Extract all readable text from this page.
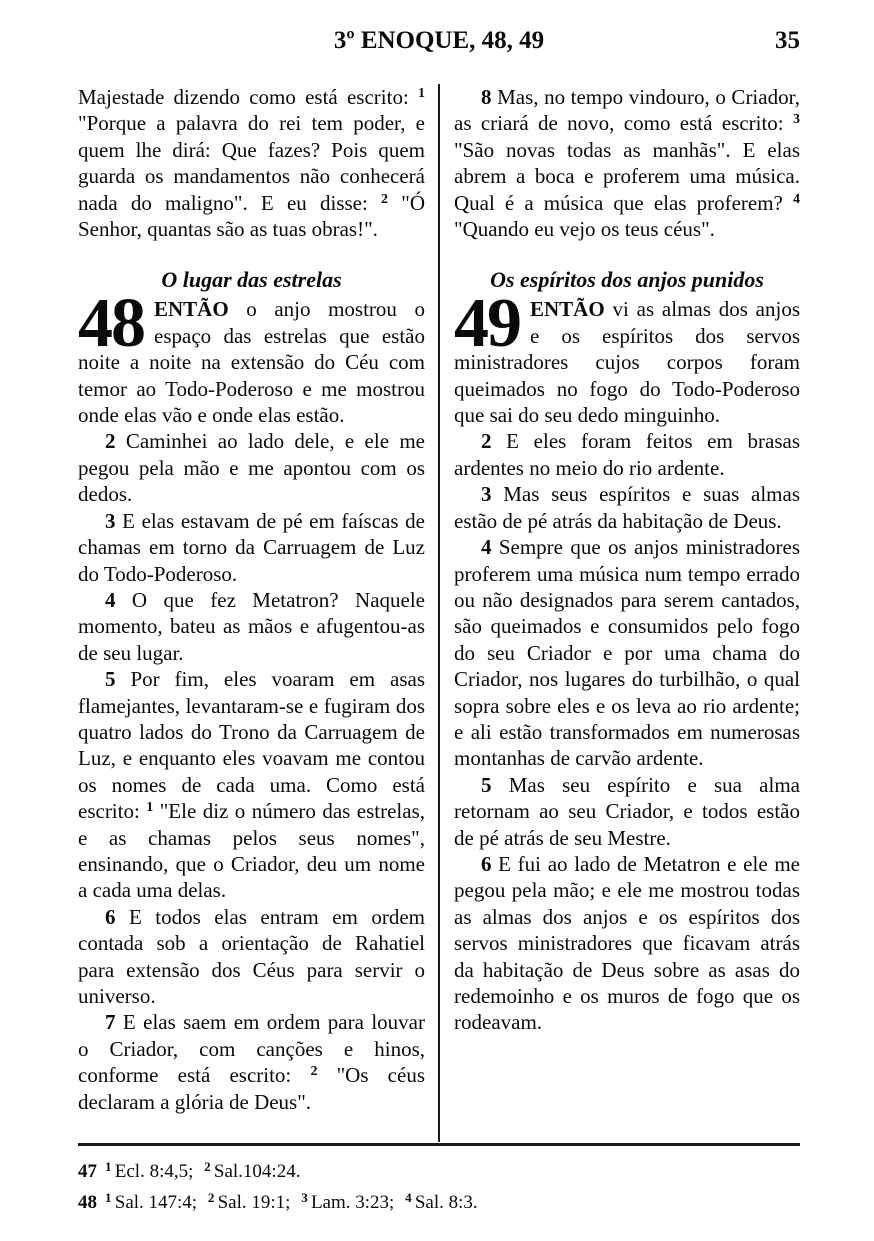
3º ENOQUE, 48, 49	35
Majestade dizendo como está escrito: $^1$ "Porque a palavra do rei tem poder, e quem lhe dirá: Que fazes? Pois quem guarda os mandamentos não conhecerá nada do maligno". E eu disse: $^2$ "Ó Senhor, quantas são as tuas obras!".
O lugar das estrelas
48 ENTÃO o anjo mostrou o espaço das estrelas que estão noite a noite na extensão do Céu com temor ao Todo-Poderoso e me mostrou onde elas vão e onde elas estão.
2 Caminhei ao lado dele, e ele me pegou pela mão e me apontou com os dedos.
3 E elas estavam de pé em faíscas de chamas em torno da Carruagem de Luz do Todo-Poderoso.
4 O que fez Metatron? Naquele momento, bateu as mãos e afugentou-as de seu lugar.
5 Por fim, eles voaram em asas flamejantes, levantaram-se e fugiram dos quatro lados do Trono da Carruagem de Luz, e enquanto eles voavam me contou os nomes de cada uma. Como está escrito: $^1$ "Ele diz o número das estrelas, e as chamas pelos seus nomes", ensinando, que o Criador, deu um nome a cada uma delas.
6 E todos elas entram em ordem contada sob a orientação de Rahatiel para extensão dos Céus para servir o universo.
7 E elas saem em ordem para louvar o Criador, com canções e hinos, conforme está escrito: $^2$ "Os céus declaram a glória de Deus".
8 Mas, no tempo vindouro, o Criador, as criará de novo, como está escrito: $^3$ "São novas todas as manhãs". E elas abrem a boca e proferem uma música. Qual é a música que elas proferem? $^4$ "Quando eu vejo os teus céus".
Os espíritos dos anjos punidos
49 ENTÃO vi as almas dos anjos e os espíritos dos servos ministradores cujos corpos foram queimados no fogo do Todo-Poderoso que sai do seu dedo minguinho.
2 E eles foram feitos em brasas ardentes no meio do rio ardente.
3 Mas seus espíritos e suas almas estão de pé atrás da habitação de Deus.
4 Sempre que os anjos ministradores proferem uma música num tempo errado ou não designados para serem cantados, são queimados e consumidos pelo fogo do seu Criador e por uma chama do Criador, nos lugares do turbilhão, o qual sopra sobre eles e os leva ao rio ardente; e ali estão transformados em numerosas montanhas de carvão ardente.
5 Mas seu espírito e sua alma retornam ao seu Criador, e todos estão de pé atrás de seu Mestre.
6 E fui ao lado de Metatron e ele me pegou pela mão; e ele me mostrou todas as almas dos anjos e os espíritos dos servos ministradores que ficavam atrás da habitação de Deus sobre as asas do redemoinho e os muros de fogo que os rodeavam.
47 $^1$ Ecl. 8:4,5; $^2$ Sal.104:24.
48 $^1$ Sal. 147:4; $^2$ Sal. 19:1; $^3$ Lam. 3:23; $^4$ Sal. 8:3.
